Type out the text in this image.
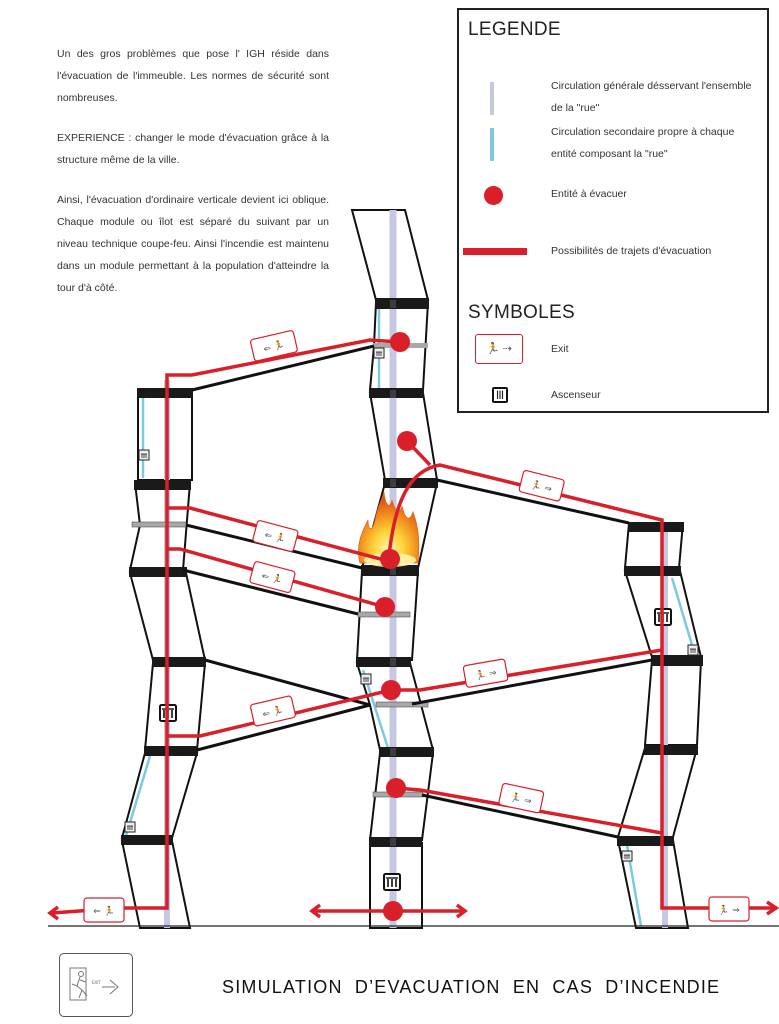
Un des gros problèmes que pose l' IGH réside dans l'évacuation de l'immeuble. Les normes de sécurité sont nombreuses.

EXPERIENCE : changer le mode d'évacuation grâce à la structure même de la ville.

Ainsi, l'évacuation d'ordinaire verticale devient ici oblique. Chaque module ou îlot est séparé du suivant par un niveau technique coupe-feu. Ainsi l'incendie est maintenu dans un module permettant à la population d'atteindre la tour d'à côté.

⇐ 🏃
⇐ 🏃
⇐ 🏃
⇐ 🏃
🏃 ⇒
🏃 ⇒
🏃 ⇒
⇐ 🏃	🏃 ⇒
LEGENDE
Circulation générale désservant l'ensemble de la "rue"
Circulation secondaire propre à chaque entité composant la "rue"
Entité à évacuer
Possibilités de trajets d'évacuation
SYMBOLES
🏃 ⇢	Exit
|||	Ascenseur
EXIT	SIMULATION D’EVACUATION EN CAS D’INCENDIE
